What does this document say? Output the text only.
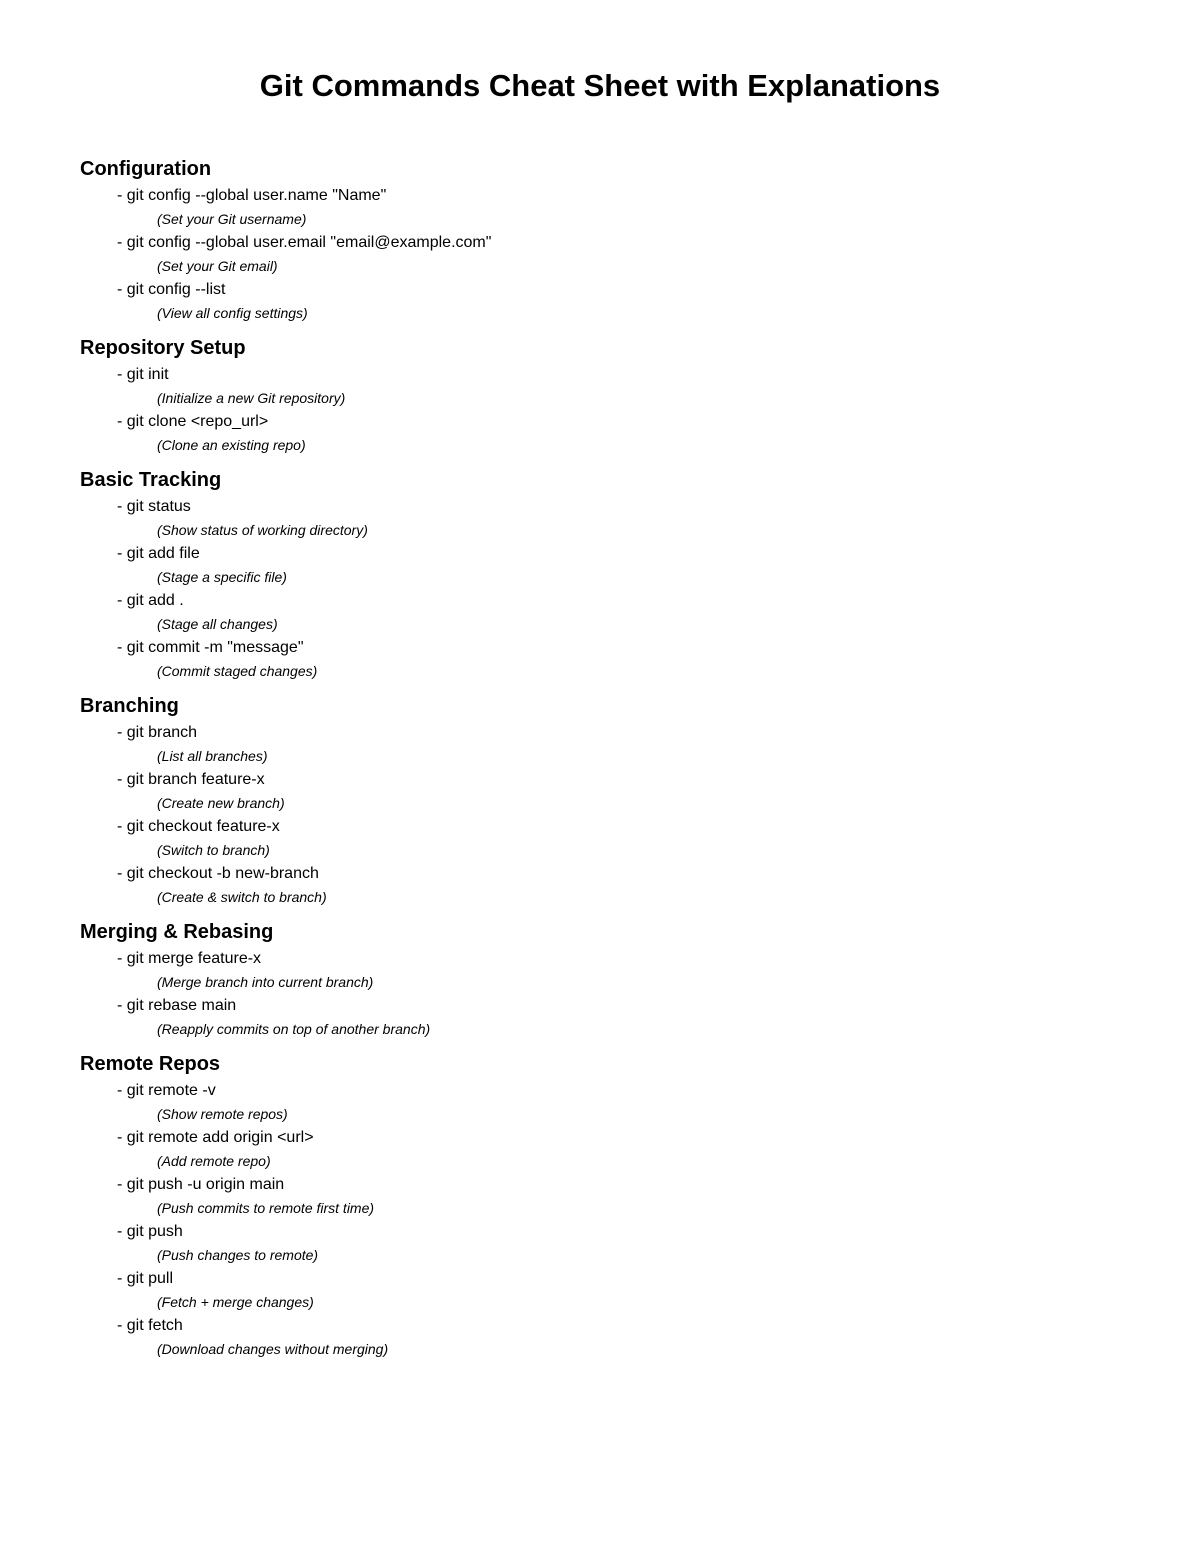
Git Commands Cheat Sheet with Explanations
Configuration
- git config --global user.name "Name"
(Set your Git username)
- git config --global user.email "email@example.com"
(Set your Git email)
- git config --list
(View all config settings)
Repository Setup
- git init
(Initialize a new Git repository)
- git clone <repo_url>
(Clone an existing repo)
Basic Tracking
- git status
(Show status of working directory)
- git add file
(Stage a specific file)
- git add .
(Stage all changes)
- git commit -m "message"
(Commit staged changes)
Branching
- git branch
(List all branches)
- git branch feature-x
(Create new branch)
- git checkout feature-x
(Switch to branch)
- git checkout -b new-branch
(Create & switch to branch)
Merging & Rebasing
- git merge feature-x
(Merge branch into current branch)
- git rebase main
(Reapply commits on top of another branch)
Remote Repos
- git remote -v
(Show remote repos)
- git remote add origin <url>
(Add remote repo)
- git push -u origin main
(Push commits to remote first time)
- git push
(Push changes to remote)
- git pull
(Fetch + merge changes)
- git fetch
(Download changes without merging)
